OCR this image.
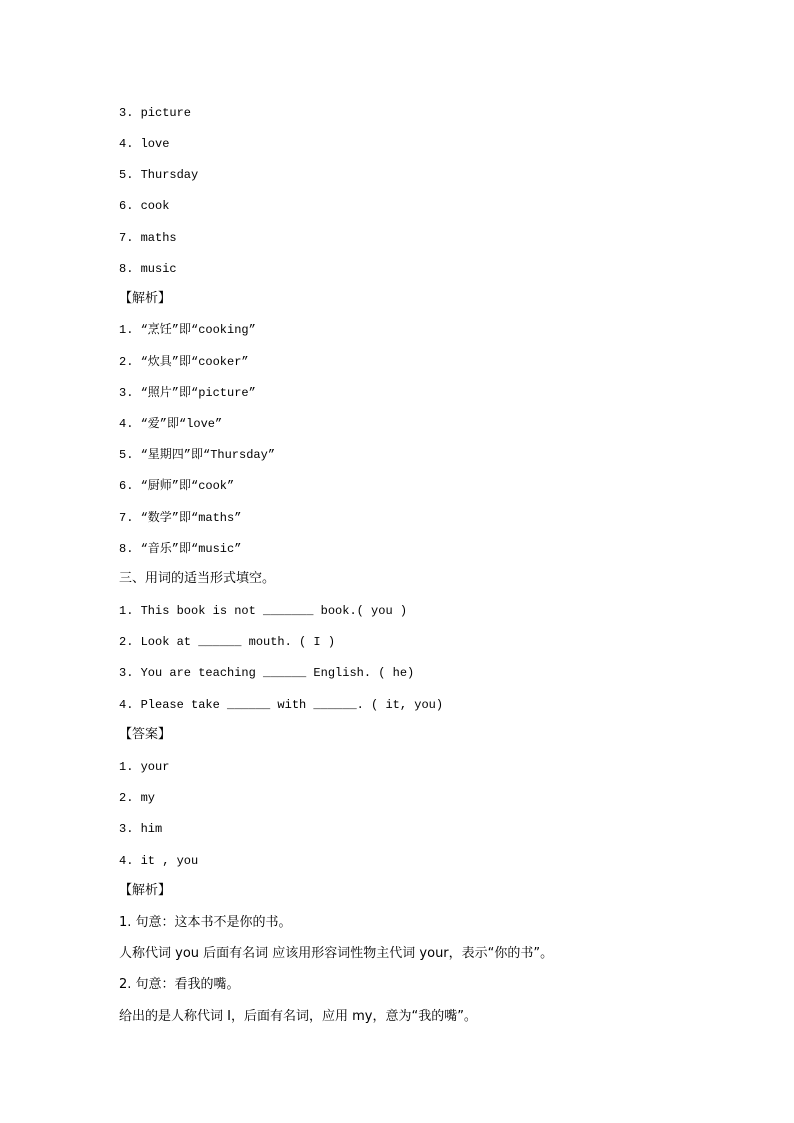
3. picture
4. love
5. Thursday
6. cook
7. maths
8. music
【解析】
1. “烹饪”即“cooking”
2. “炊具”即“cooker”
3. “照片”即“picture”
4. “爱”即“love”
5. “星期四”即“Thursday”
6. “厨师”即“cook”
7. “数学”即“maths”
8. “音乐”即“music”
三、用词的适当形式填空。
1. This book is not _______ book.( you )
2. Look at ______ mouth. ( I )
3. You are teaching ______ English. ( he)
4. Please take ______ with ______. ( it, you)
【答案】
1. your
2. my
3. him
4. it , you
【解析】
1. 句意：这本书不是你的书。
人称代词 you 后面有名词 应该用形容词性物主代词 your，表示“你的书”。
2. 句意：看我的嘴。
给出的是人称代词 I，后面有名词，应用 my，意为“我的嘴”。
